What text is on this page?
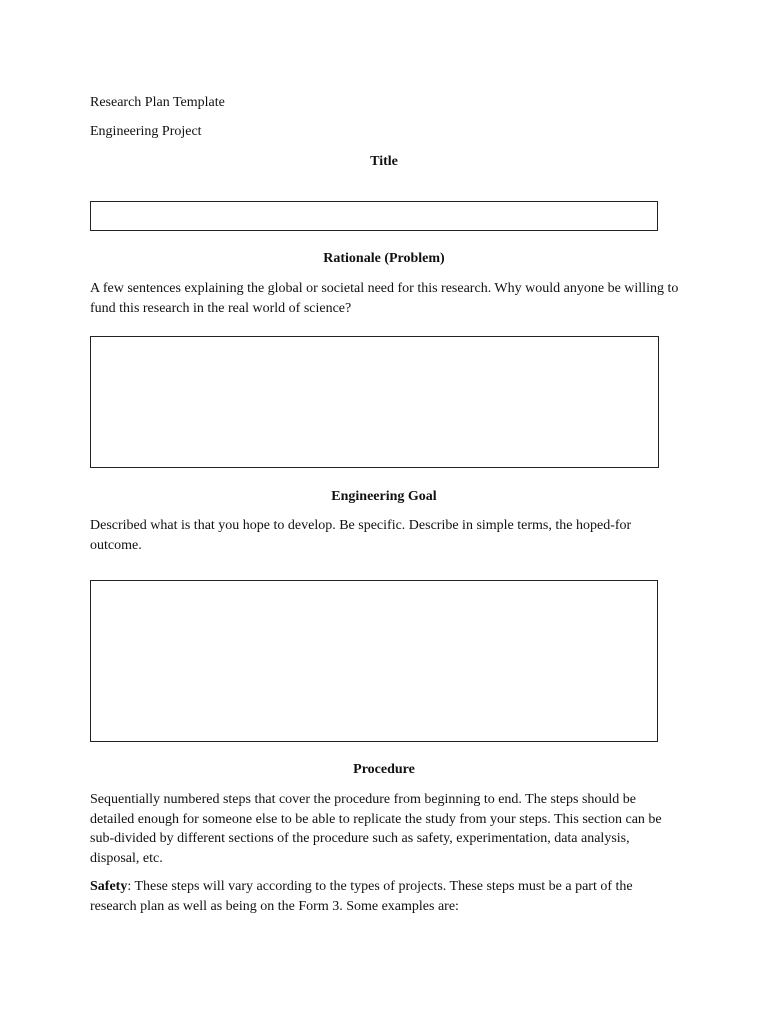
Research Plan Template
Engineering Project
Title
Rationale (Problem)
A few sentences explaining the global or societal need for this research. Why would anyone be willing to fund this research in the real world of science?
Engineering Goal
Described what is that you hope to develop. Be specific. Describe in simple terms, the hoped-for outcome.
Procedure
Sequentially numbered steps that cover the procedure from beginning to end. The steps should be detailed enough for someone else to be able to replicate the study from your steps. This section can be sub-divided by different sections of the procedure such as safety, experimentation, data analysis, disposal, etc.
Safety: These steps will vary according to the types of projects. These steps must be a part of the research plan as well as being on the Form 3. Some examples are:
